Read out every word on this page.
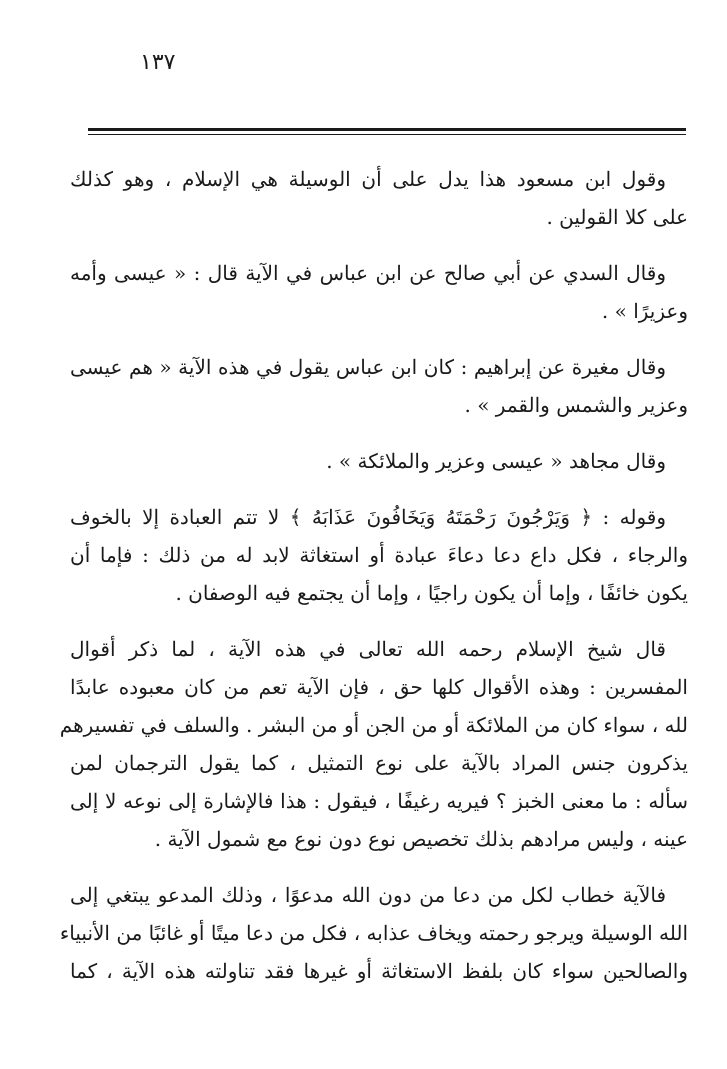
١٣٧

وقول ابن مسعود هذا يدل على أن الوسيلة هي الإسلام ، وهو كذلك
على كلا القولين .

وقال السدي عن أبي صالح عن ابن عباس في الآية قال : « عيسى وأمه
وعزيرًا » .

وقال مغيرة عن إبراهيم : كان ابن عباس يقول في هذه الآية « هم عيسى
وعزير والشمس والقمر » .

وقال مجاهد « عيسى وعزير والملائكة » .

وقوله : ﴿ وَيَرْجُونَ رَحْمَتَهُ وَيَخَافُونَ عَذَابَهُ ﴾ لا تتم العبادة إلا بالخوف
والرجاء ، فكل داع دعا دعاءَ عبادة أو استغاثة لابد له من ذلك : فإما أن
يكون خائفًا ، وإما أن يكون راجيًا ، وإما أن يجتمع فيه الوصفان .

قال شيخ الإسلام رحمه الله تعالى في هذه الآية ، لما ذكر أقوال
المفسرين : وهذه الأقوال كلها حق ، فإن الآية تعم من كان معبوده عابدًا
لله ، سواء كان من الملائكة أو من الجن أو من البشر . والسلف في تفسيرهم
يذكرون جنس المراد بالآية على نوع التمثيل ، كما يقول الترجمان لمن
سأله : ما معنى الخبز ؟ فيريه رغيفًا ، فيقول : هذا فالإشارة إلى نوعه لا إلى
عينه ، وليس مرادهم بذلك تخصيص نوع دون نوع مع شمول الآية .

فالآية خطاب لكل من دعا من دون الله مدعوًا ، وذلك المدعو يبتغي إلى
الله الوسيلة ويرجو رحمته ويخاف عذابه ، فكل من دعا ميتًا أو غائبًا من الأنبياء
والصالحين سواء كان بلفظ الاستغاثة أو غيرها فقد تناولته هذه الآية ، كما
